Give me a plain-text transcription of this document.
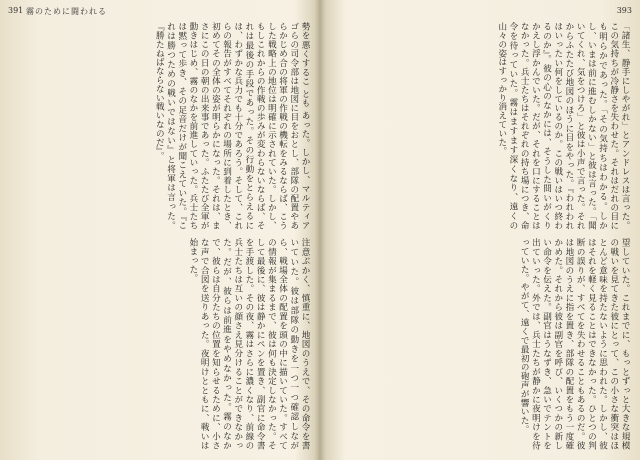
391 霧のために闘われる
勢を悪くするこ とも あった。しかし、マルティアゴらの司令部は地図に目をおとし、部隊の配置やあらかじめ合の将軍の作戦の機転をみるならば、こうした戦略上の地位は明確に示されていた。しかし、もしこれからの作戦の歩みが変わらないならば、それは最後の手段であった。その行動をとらえるには、わずかな兵力でも十分であろう。そして、これらの報告がすべてそれぞれの場所に到着したとき、初めてその全体の姿が明らかになった。それは、まさにこの日の朝の出来事であった。ふたたび全軍が動きはじめ、霧のなかを前進していった。兵士たちは黙って歩き、その足音だけが聞こえていた。『これは勝つための戦いではない』と将軍は言った。『勝たねばならない戦いなのだ』。
注意ぶかく、慎重に、地図のうえで、その命令を書いていた。彼は部隊の動きを一つ一つ確認しながら、戦場全体の配置を頭の中に描いていた。すべての情報が集まるまで、彼は何も決定しなかった。そして最後に、彼は静かにペンを置き、副官に命令書を手渡した。その夜、霧はさらに濃くなり、前線の兵士たちは互いの顔さえ見分けることができなかった。だが、彼らは前進をやめなかった。霧のなかで、彼らは自分たちの位置を知らせるために、小さな声で合図を送りあった。夜明けとともに、戦いは始まった。
393
「諸生、静手にしやがれ」とアンドレスは言った。この気持ちが冷静さを失わせた。それはだれの目にも明らかであった。「その気持ちはわかる。しかし、いまは前に進むしかない」と彼は言った。「聞いてくれ、気をつけろ」と彼は小声で言った。それからふたたび地図のほうに目をやった。『われわれはいったい何をしているのか。この戦いはいつ終わるのか』。彼の心のなかには、そうした問いがくりかえし浮かんでいた。だが、それを口にすることはなかった。兵士たちはそれぞれの持ち場につき、命令を待っていた。霧はますます深くなり、遠くの山々の姿はすっかり消えていた。
望していた。これまでに、もっとずっと大きな規模の戦いを見てきた彼にとって、この小さな衝突はほとんど意味を持たないように思われた。しかし、彼はそれを軽く見ることはできなかった。ひとつの判断の誤りが、すべてを失わせることもあるのだ。彼は地図のうえに指を置き、部隊の配置をもう一度確かめた。それから彼は副官を呼び、いくつかの新しい命令を伝えた。副官はうなずき、急いでテントを出ていった。外では、兵士たちが静かに夜明けを待っていた。やがて、遠くで最初の砲声が響いた。
